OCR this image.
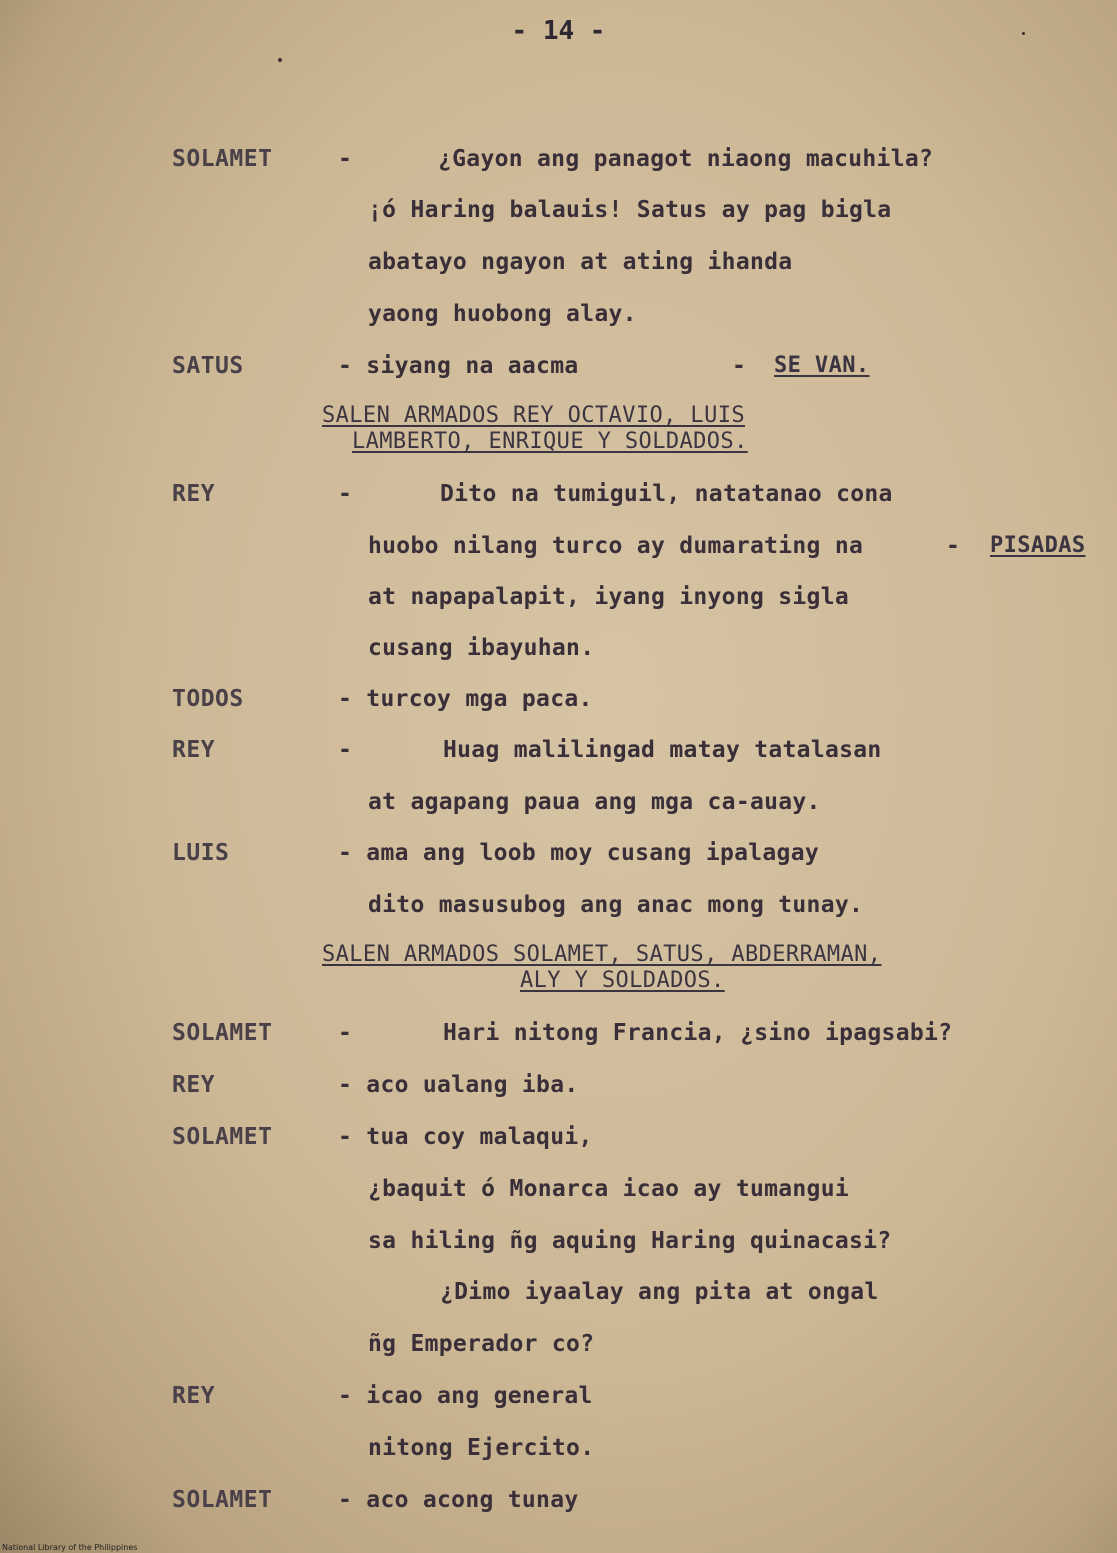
- 14 -
SOLAMET	-	¿Gayon ang panagot niaong macuhila?
¡ó Haring balauis! Satus ay pag bigla
abatayo ngayon at ating ihanda
yaong huobong alay.
SATUS	- siyang na aacma	- SE VAN.
SALEN ARMADOS REY OCTAVIO, LUIS
LAMBERTO, ENRIQUE Y SOLDADOS.
REY	-	Dito na tumiguil, natatanao cona
huobo nilang turco ay dumarating na	- PISADAS
at napapalapit, iyang inyong sigla
cusang ibayuhan.
TODOS	- turcoy mga paca.
REY	-	Huag malilingad matay tatalasan
at agapang paua ang mga ca-auay.
LUIS	- ama ang loob moy cusang ipalagay
dito masusubog ang anac mong tunay.
SALEN ARMADOS SOLAMET, SATUS, ABDERRAMAN,
ALY Y SOLDADOS.
SOLAMET	-	Hari nitong Francia, ¿sino ipagsabi?
REY	- aco ualang iba.
SOLAMET	- tua coy malaqui,
¿baquit ó Monarca icao ay tumangui
sa hiling ñg aquing Haring quinacasi?
¿Dimo iyaalay ang pita at ongal
ñg Emperador co?
REY	- icao ang general
nitong Ejercito.
SOLAMET	- aco acong tunay
National Library of the Philippines
